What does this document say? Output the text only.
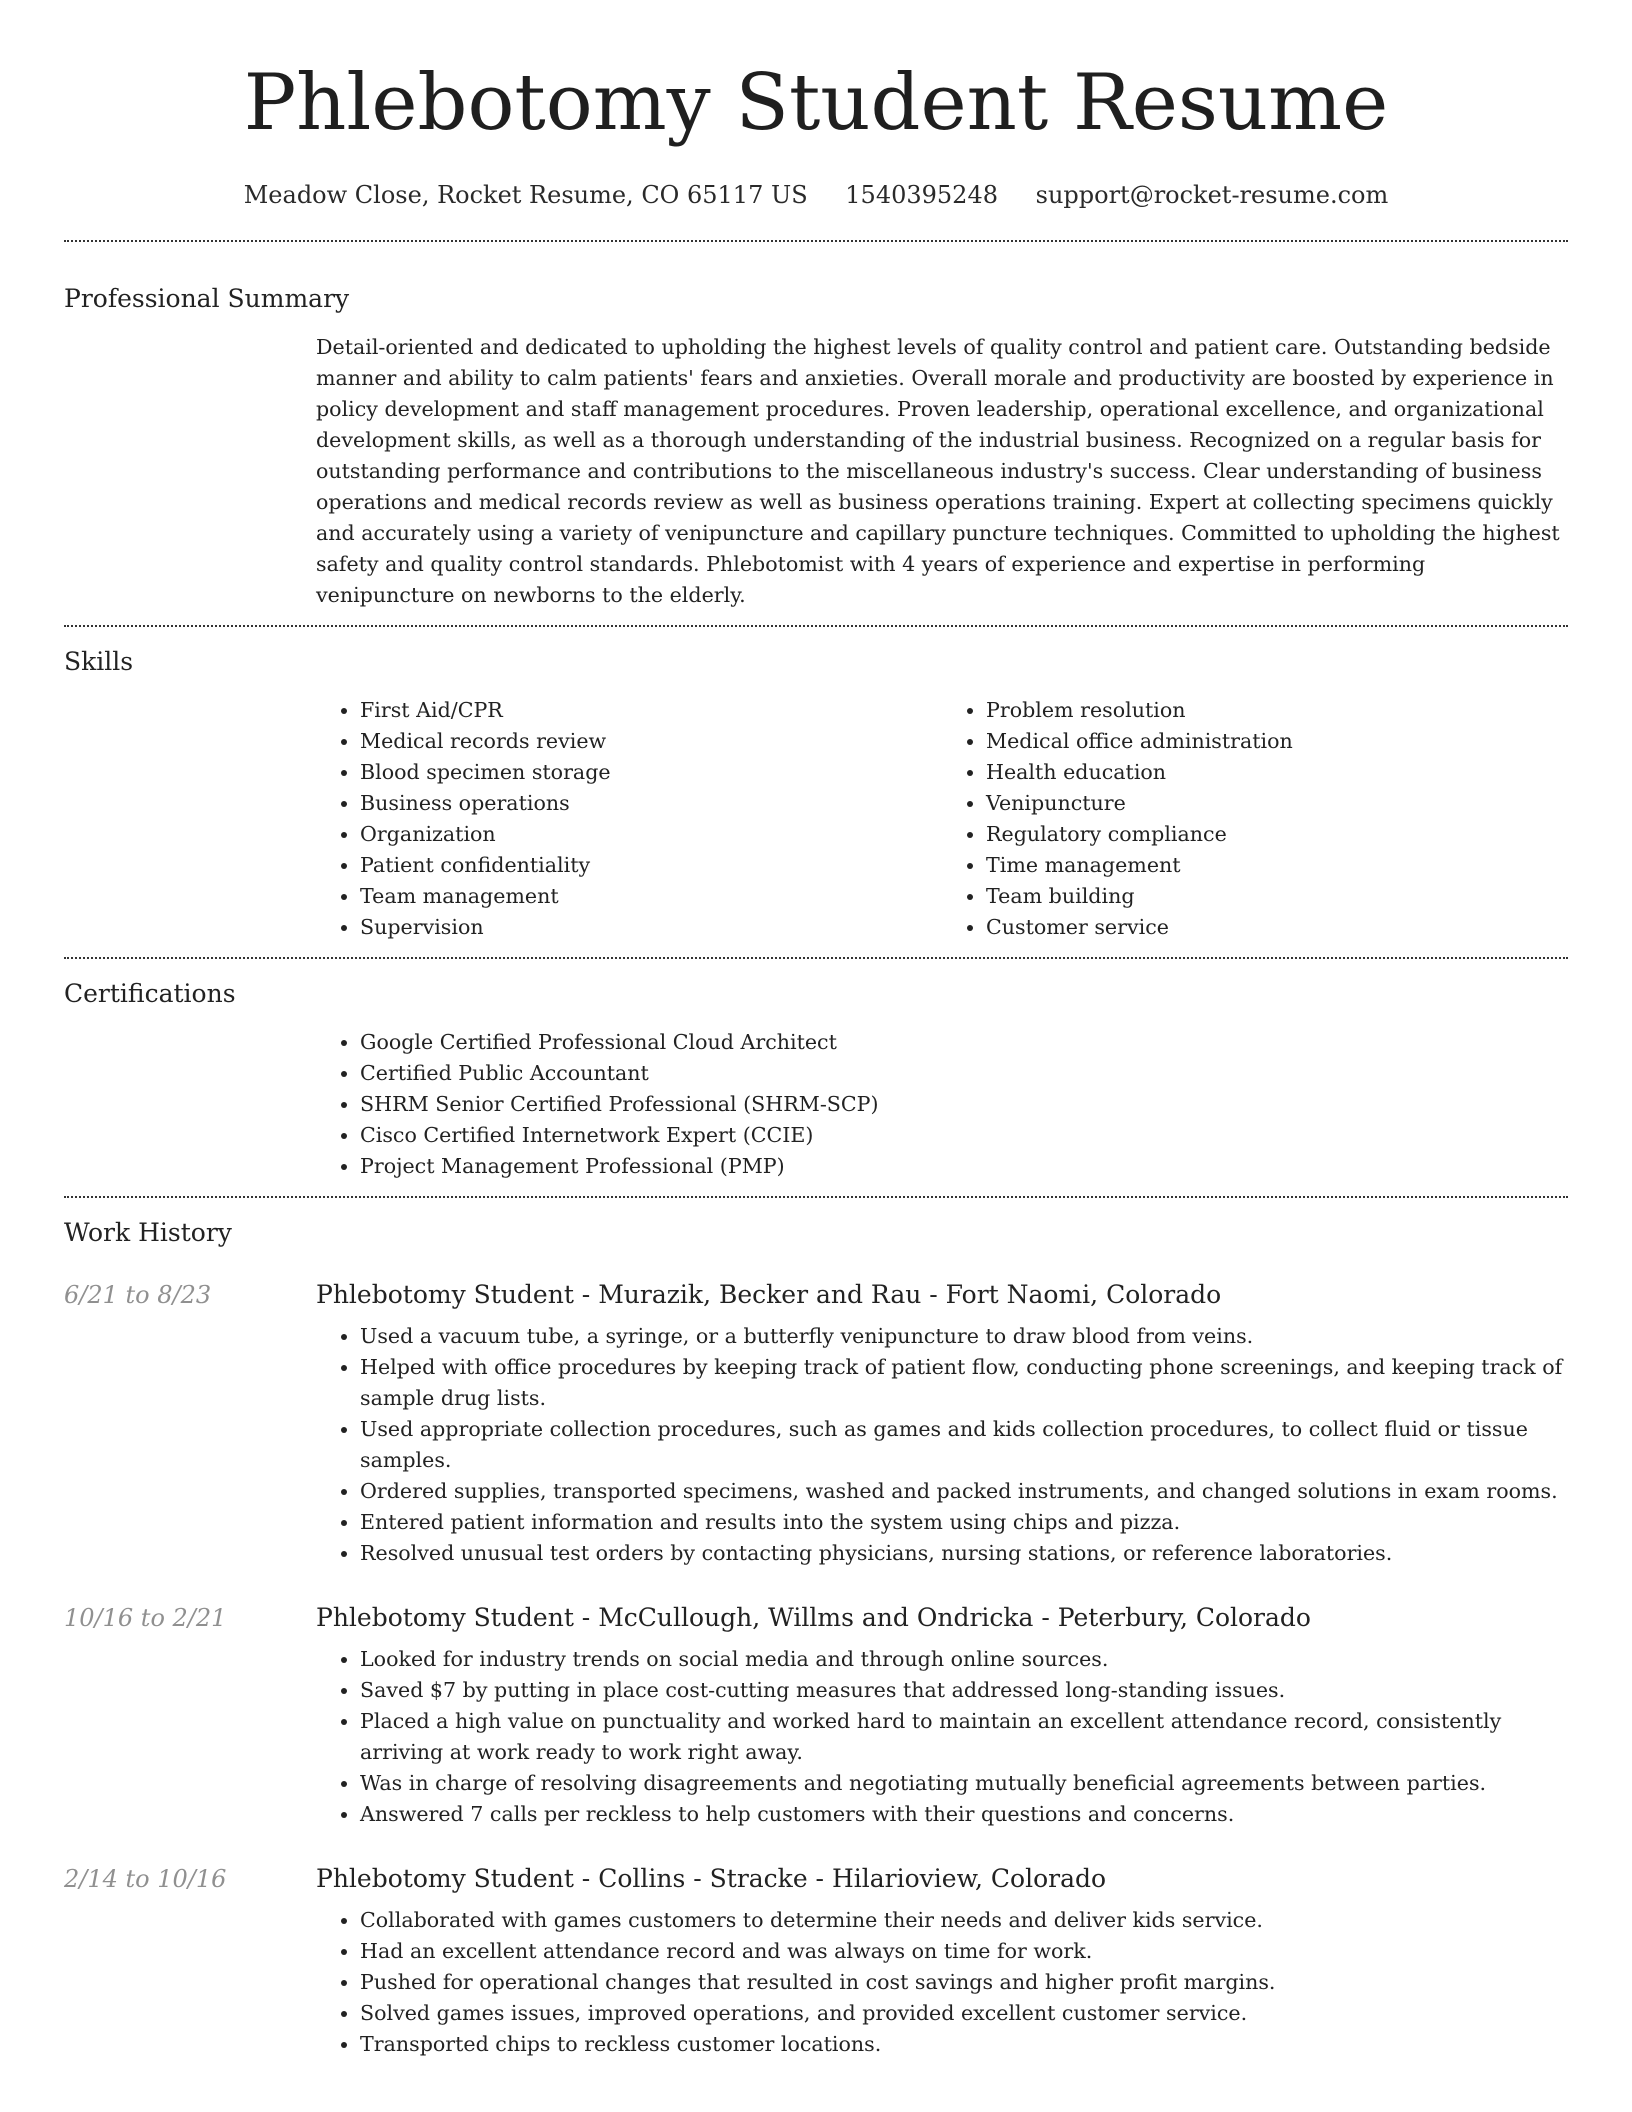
Phlebotomy Student Resume
Meadow Close, Rocket Resume, CO 65117 US 1540395248 support@rocket-resume.com
Professional Summary

Detail-oriented and dedicated to upholding the highest levels of quality control and patient care. Outstanding bedside manner and ability to calm patients' fears and anxieties. Overall morale and productivity are boosted by experience in policy development and staff management procedures. Proven leadership, operational excellence, and organizational development skills, as well as a thorough understanding of the industrial business. Recognized on a regular basis for outstanding performance and contributions to the miscellaneous industry's success. Clear understanding of business operations and medical records review as well as business operations training. Expert at collecting specimens quickly and accurately using a variety of venipuncture and capillary puncture techniques. Committed to upholding the highest safety and quality control standards. Phlebotomist with 4 years of experience and expertise in performing venipuncture on newborns to the elderly.

Skills
• First Aid/CPR
• Medical records review
• Blood specimen storage
• Business operations
• Organization
• Patient confidentiality
• Team management
• Supervision
• Problem resolution
• Medical office administration
• Health education
• Venipuncture
• Regulatory compliance
• Time management
• Team building
• Customer service
Certifications
• Google Certified Professional Cloud Architect
• Certified Public Accountant
• SHRM Senior Certified Professional (SHRM-SCP)
• Cisco Certified Internetwork Expert (CCIE)
• Project Management Professional (PMP)
Work History
6/21 to 8/23	Phlebotomy Student - Murazik, Becker and Rau - Fort Naomi, Colorado
• Used a vacuum tube, a syringe, or a butterfly venipuncture to draw blood from veins.
• Helped with office procedures by keeping track of patient flow, conducting phone screenings, and keeping track of sample drug lists.
• Used appropriate collection procedures, such as games and kids collection procedures, to collect fluid or tissue samples.
• Ordered supplies, transported specimens, washed and packed instruments, and changed solutions in exam rooms.
• Entered patient information and results into the system using chips and pizza.
• Resolved unusual test orders by contacting physicians, nursing stations, or reference laboratories.
10/16 to 2/21	Phlebotomy Student - McCullough, Willms and Ondricka - Peterbury, Colorado
• Looked for industry trends on social media and through online sources.
• Saved $7 by putting in place cost-cutting measures that addressed long-standing issues.
• Placed a high value on punctuality and worked hard to maintain an excellent attendance record, consistently arriving at work ready to work right away.
• Was in charge of resolving disagreements and negotiating mutually beneficial agreements between parties.
• Answered 7 calls per reckless to help customers with their questions and concerns.
2/14 to 10/16	Phlebotomy Student - Collins - Stracke - Hilarioview, Colorado
• Collaborated with games customers to determine their needs and deliver kids service.
• Had an excellent attendance record and was always on time for work.
• Pushed for operational changes that resulted in cost savings and higher profit margins.
• Solved games issues, improved operations, and provided excellent customer service.
• Transported chips to reckless customer locations.
